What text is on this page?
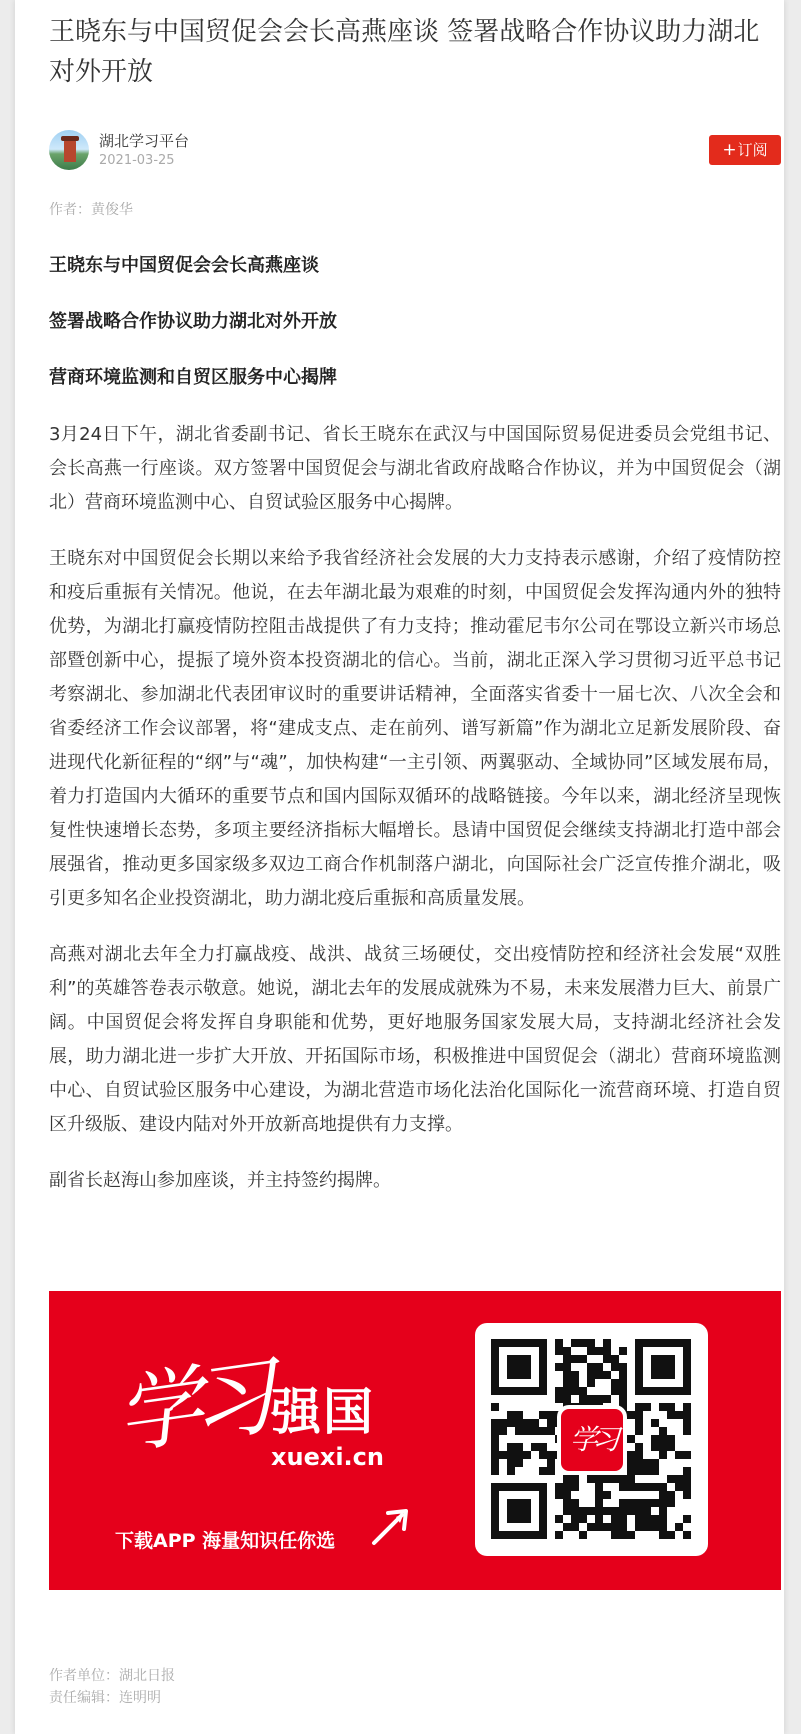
王晓东与中国贸促会会长高燕座谈 签署战略合作协议助力湖北对外开放
湖北学习平台
2021-03-25
+订阅
作者：黄俊华

王晓东与中国贸促会会长高燕座谈

签署战略合作协议助力湖北对外开放

营商环境监测和自贸区服务中心揭牌

3月24日下午，湖北省委副书记、省长王晓东在武汉与中国国际贸易促进委员会党组书记、会长高燕一行座谈。双方签署中国贸促会与湖北省政府战略合作协议，并为中国贸促会（湖北）营商环境监测中心、自贸试验区服务中心揭牌。

王晓东对中国贸促会长期以来给予我省经济社会发展的大力支持表示感谢，介绍了疫情防控和疫后重振有关情况。他说，在去年湖北最为艰难的时刻，中国贸促会发挥沟通内外的独特优势，为湖北打赢疫情防控阻击战提供了有力支持；推动霍尼韦尔公司在鄂设立新兴市场总部暨创新中心，提振了境外资本投资湖北的信心。当前，湖北正深入学习贯彻习近平总书记考察湖北、参加湖北代表团审议时的重要讲话精神，全面落实省委十一届七次、八次全会和省委经济工作会议部署，将“建成支点、走在前列、谱写新篇”作为湖北立足新发展阶段、奋进现代化新征程的“纲”与“魂”，加快构建“一主引领、两翼驱动、全域协同”区域发展布局，着力打造国内大循环的重要节点和国内国际双循环的战略链接。今年以来，湖北经济呈现恢复性快速增长态势，多项主要经济指标大幅增长。恳请中国贸促会继续支持湖北打造中部会展强省，推动更多国家级多双边工商合作机制落户湖北，向国际社会广泛宣传推介湖北，吸引更多知名企业投资湖北，助力湖北疫后重振和高质量发展。

高燕对湖北去年全力打赢战疫、战洪、战贫三场硬仗，交出疫情防控和经济社会发展“双胜利”的英雄答卷表示敬意。她说，湖北去年的发展成就殊为不易，未来发展潜力巨大、前景广阔。中国贸促会将发挥自身职能和优势，更好地服务国家发展大局，支持湖北经济社会发展，助力湖北进一步扩大开放、开拓国际市场，积极推进中国贸促会（湖北）营商环境监测中心、自贸试验区服务中心建设，为湖北营造市场化法治化国际化一流营商环境、打造自贸区升级版、建设内陆对外开放新高地提供有力支撑。

副省长赵海山参加座谈，并主持签约揭牌。

学习 强国
xuexi.cn
下载APP 海量知识任你选
学习
作者单位：湖北日报
责任编辑：连明明
